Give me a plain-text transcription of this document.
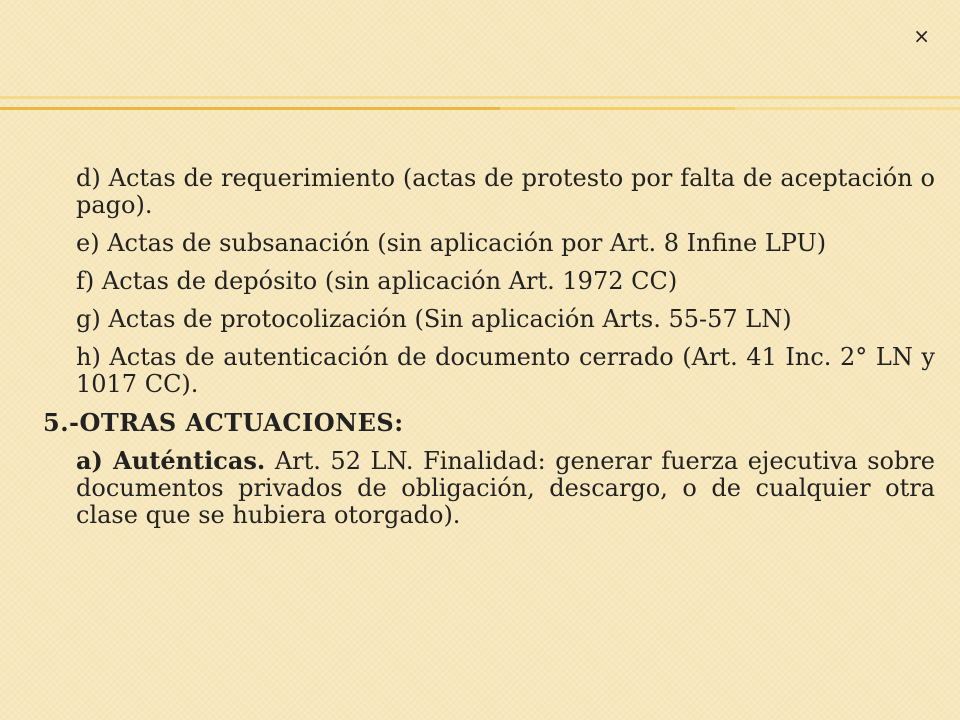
×

d) Actas de requerimiento (actas de protesto por falta de aceptación o pago).

e) Actas de subsanación (sin aplicación por Art. 8 Infine LPU)

f) Actas de depósito (sin aplicación Art. 1972 CC)

g) Actas de protocolización (Sin aplicación Arts. 55-57 LN)

h) Actas de autenticación de documento cerrado (Art. 41 Inc. 2° LN y 1017 CC).

5.-OTRAS ACTUACIONES:

a) Auténticas. Art. 52 LN. Finalidad: generar fuerza ejecutiva sobre documentos privados de obligación, descargo, o de cualquier otra clase que se hubiera otorgado).
